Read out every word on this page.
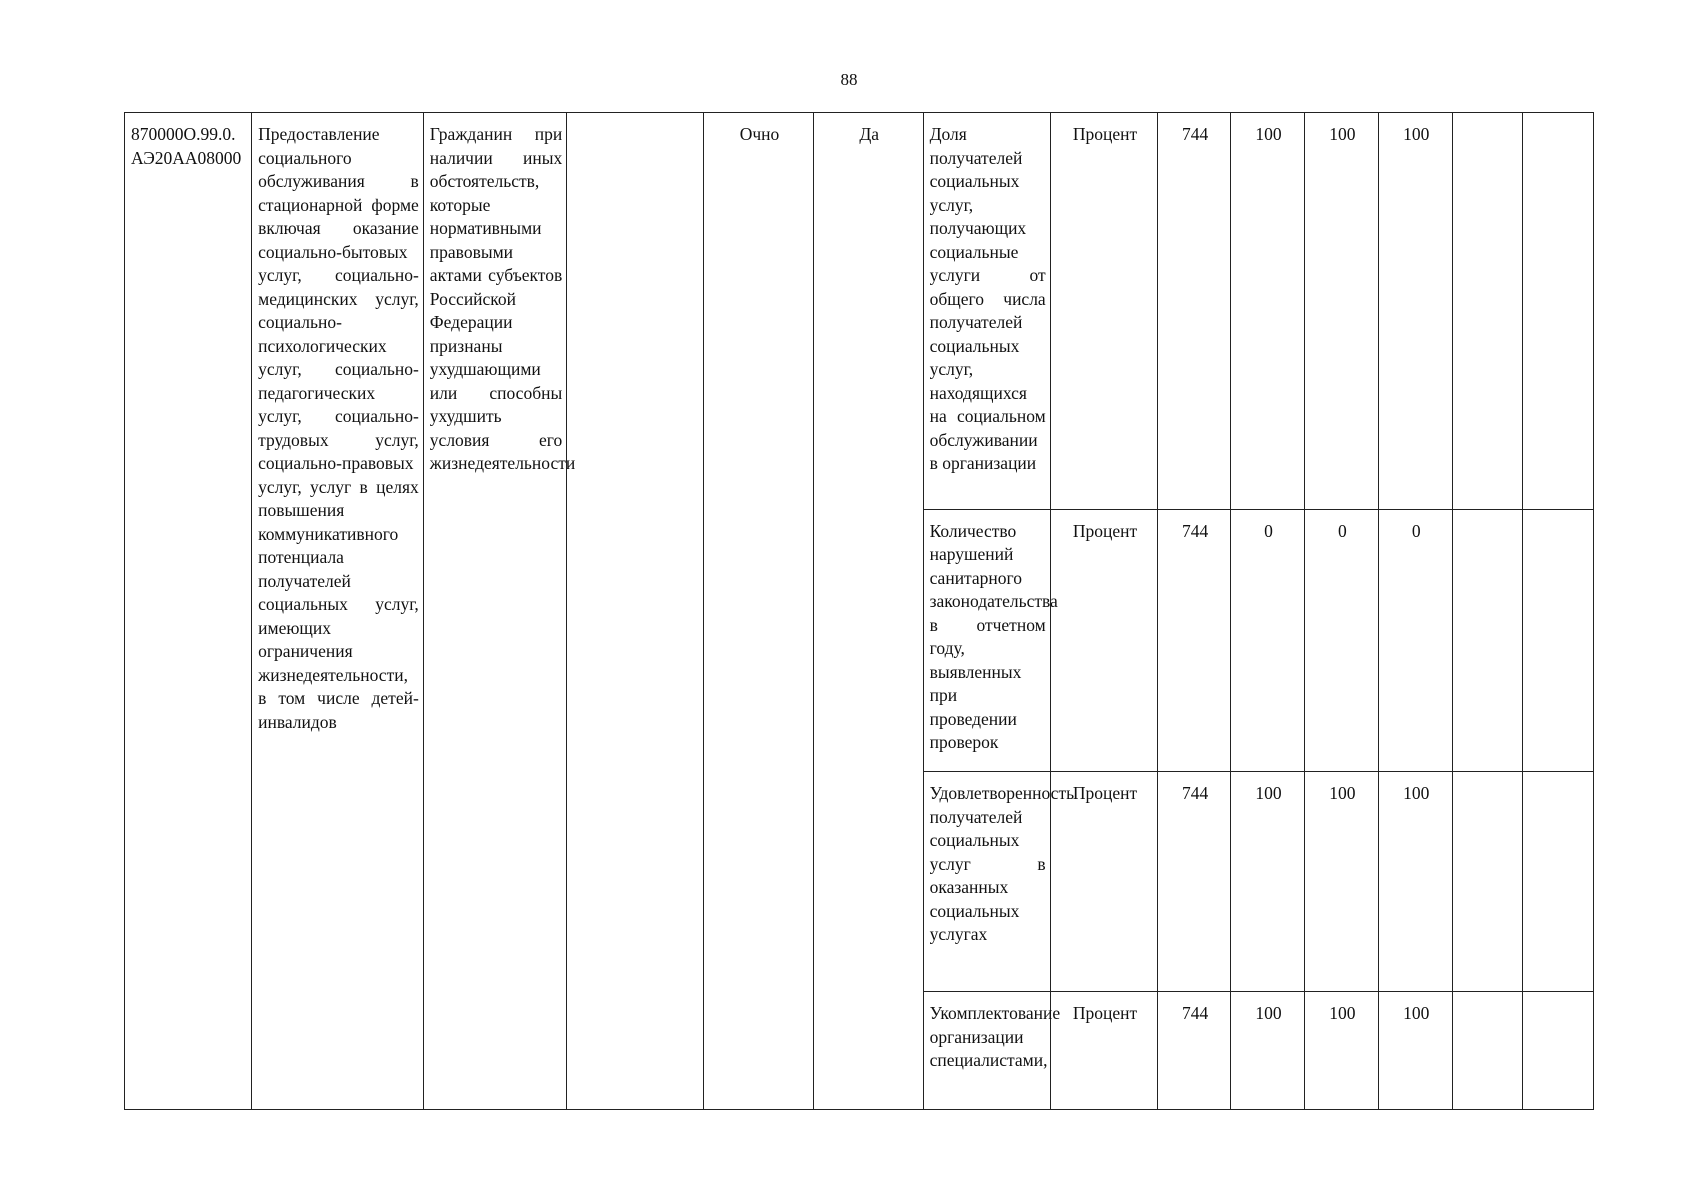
88
870000О.99.0.АЭ20АА08000	Предоставление социального обслуживания в стационарной форме включая оказание социально-бытовых услуг, социально-медицинских услуг, социально-психологических услуг, социально-педагогических услуг, социально-трудовых услуг, социально-правовых услуг, услуг в целях повышения коммуникативного потенциала получателей социальных услуг, имеющих ограничения жизнедеятельности, в том числе детей-инвалидов	Гражданин при наличии иных обстоятельств, которые нормативными правовыми актами субъектов Российской Федерации признаны ухудшающими или способны ухудшить условия его жизнедеятельности		Очно	Да	Доля получателей социальных услуг, получающих социальные услуги от общего числа получателей социальных услуг, находящихся на социальном обслуживании в организации	Процент	744	100	100	100		
						Количество нарушений санитарного законодательства в отчетном году, выявленных при проведении проверок	Процент	744	0	0	0		
						Удовлетворенность получателей социальных услуг в оказанных социальных услугах	Процент	744	100	100	100		
						Укомплектование организации специалистами,	Процент	744	100	100	100		
